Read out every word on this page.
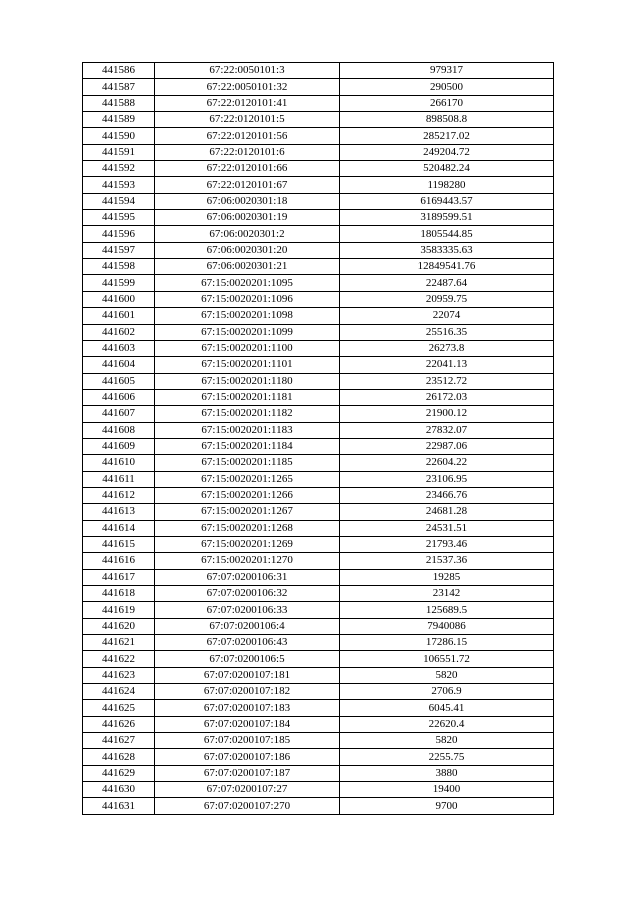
441586	67:22:0050101:3	979317
441587	67:22:0050101:32	290500
441588	67:22:0120101:41	266170
441589	67:22:0120101:5	898508.8
441590	67:22:0120101:56	285217.02
441591	67:22:0120101:6	249204.72
441592	67:22:0120101:66	520482.24
441593	67:22:0120101:67	1198280
441594	67:06:0020301:18	6169443.57
441595	67:06:0020301:19	3189599.51
441596	67:06:0020301:2	1805544.85
441597	67:06:0020301:20	3583335.63
441598	67:06:0020301:21	12849541.76
441599	67:15:0020201:1095	22487.64
441600	67:15:0020201:1096	20959.75
441601	67:15:0020201:1098	22074
441602	67:15:0020201:1099	25516.35
441603	67:15:0020201:1100	26273.8
441604	67:15:0020201:1101	22041.13
441605	67:15:0020201:1180	23512.72
441606	67:15:0020201:1181	26172.03
441607	67:15:0020201:1182	21900.12
441608	67:15:0020201:1183	27832.07
441609	67:15:0020201:1184	22987.06
441610	67:15:0020201:1185	22604.22
441611	67:15:0020201:1265	23106.95
441612	67:15:0020201:1266	23466.76
441613	67:15:0020201:1267	24681.28
441614	67:15:0020201:1268	24531.51
441615	67:15:0020201:1269	21793.46
441616	67:15:0020201:1270	21537.36
441617	67:07:0200106:31	19285
441618	67:07:0200106:32	23142
441619	67:07:0200106:33	125689.5
441620	67:07:0200106:4	7940086
441621	67:07:0200106:43	17286.15
441622	67:07:0200106:5	106551.72
441623	67:07:0200107:181	5820
441624	67:07:0200107:182	2706.9
441625	67:07:0200107:183	6045.41
441626	67:07:0200107:184	22620.4
441627	67:07:0200107:185	5820
441628	67:07:0200107:186	2255.75
441629	67:07:0200107:187	3880
441630	67:07:0200107:27	19400
441631	67:07:0200107:270	9700
